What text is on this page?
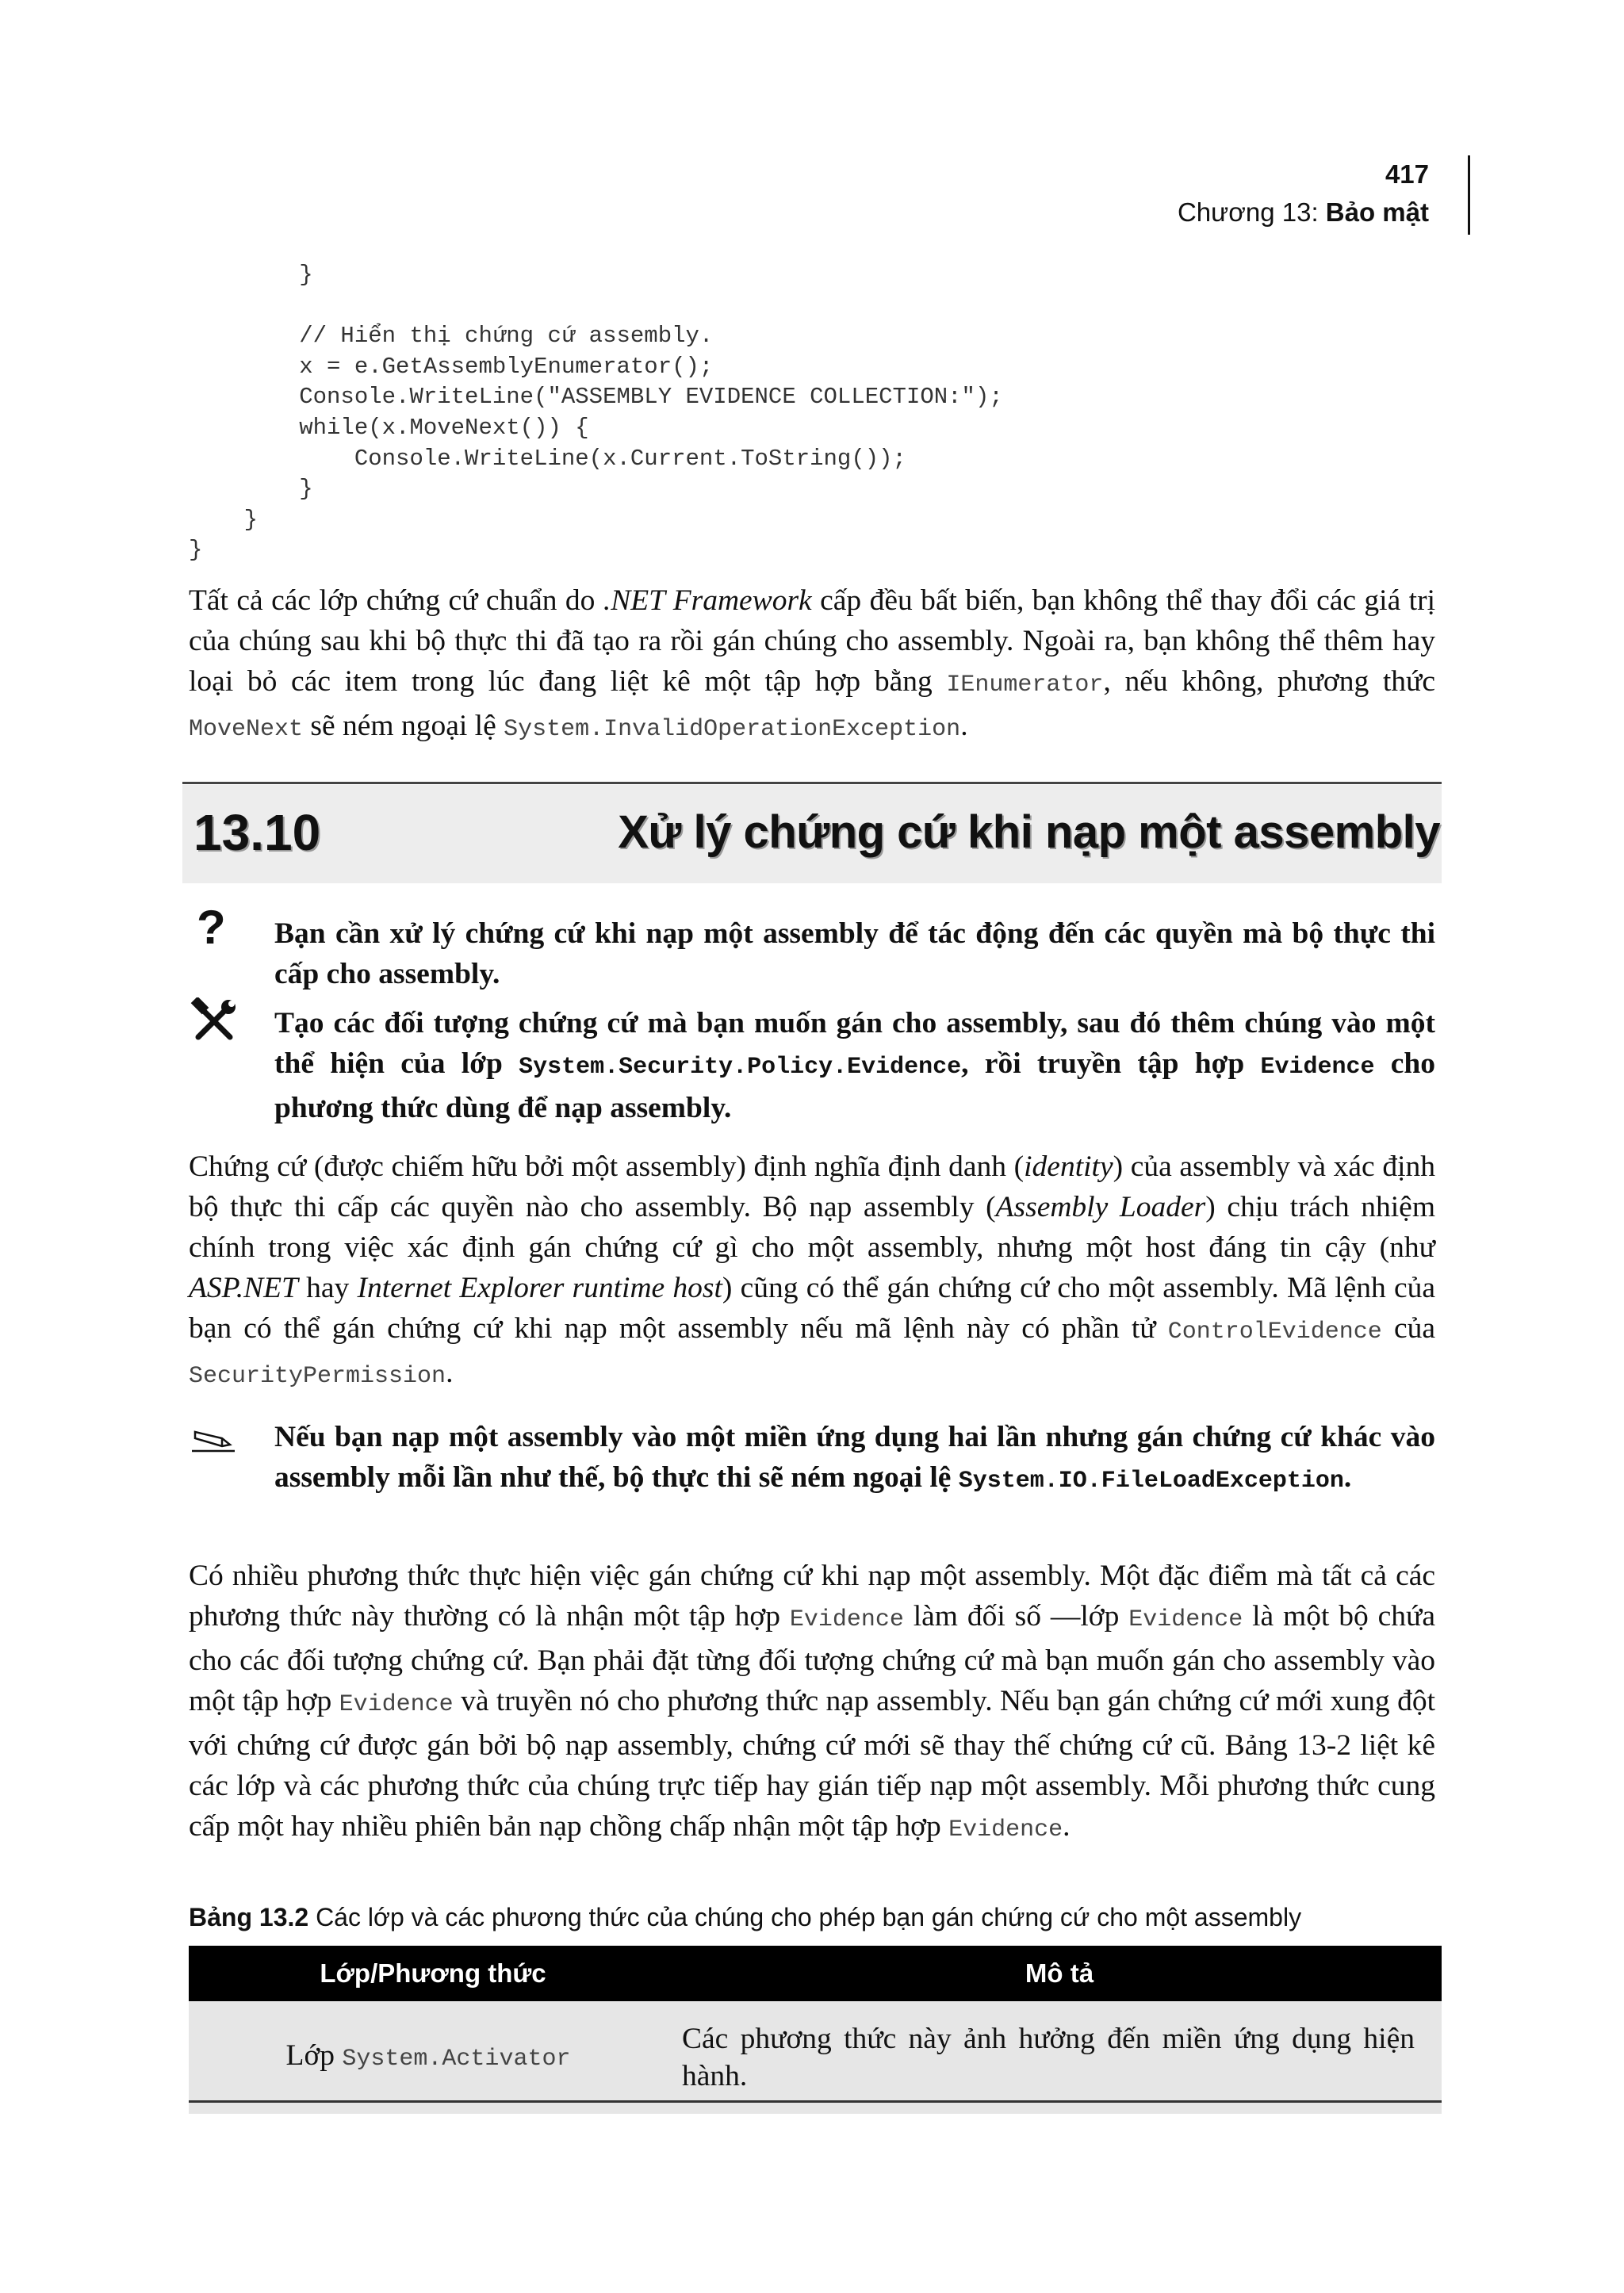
417
Chương 13: Bảo mật
}

// Hiển thị chứng cứ assembly.
x = e.GetAssemblyEnumerator();
Console.WriteLine("ASSEMBLY EVIDENCE COLLECTION:");
while(x.MoveNext()) {
Console.WriteLine(x.Current.ToString());
}
}
}

Tất cả các lớp chứng cứ chuẩn do .NET Framework cấp đều bất biến, bạn không thể thay đổi các giá trị của chúng sau khi bộ thực thi đã tạo ra rồi gán chúng cho assembly. Ngoài ra, bạn không thể thêm hay loại bỏ các item trong lúc đang liệt kê một tập hợp bằng IEnumerator, nếu không, phương thức MoveNext sẽ ném ngoại lệ System.InvalidOperationException.

13.10	Xử lý chứng cứ khi nạp một assembly
? Bạn cần xử lý chứng cứ khi nạp một assembly để tác động đến các quyền mà bộ thực thi cấp cho assembly.

Tạo các đối tượng chứng cứ mà bạn muốn gán cho assembly, sau đó thêm chúng vào một thể hiện của lớp System.Security.Policy.Evidence, rồi truyền tập hợp Evidence cho phương thức dùng để nạp assembly.

Chứng cứ (được chiếm hữu bởi một assembly) định nghĩa định danh (identity) của assembly và xác định bộ thực thi cấp các quyền nào cho assembly. Bộ nạp assembly (Assembly Loader) chịu trách nhiệm chính trong việc xác định gán chứng cứ gì cho một assembly, nhưng một host đáng tin cậy (như ASP.NET hay Internet Explorer runtime host) cũng có thể gán chứng cứ cho một assembly. Mã lệnh của bạn có thể gán chứng cứ khi nạp một assembly nếu mã lệnh này có phần tử ControlEvidence của SecurityPermission.

Nếu bạn nạp một assembly vào một miền ứng dụng hai lần nhưng gán chứng cứ khác vào assembly mỗi lần như thế, bộ thực thi sẽ ném ngoại lệ System.IO.FileLoadException.

Có nhiều phương thức thực hiện việc gán chứng cứ khi nạp một assembly. Một đặc điểm mà tất cả các phương thức này thường có là nhận một tập hợp Evidence làm đối số —lớp Evidence là một bộ chứa cho các đối tượng chứng cứ. Bạn phải đặt từng đối tượng chứng cứ mà bạn muốn gán cho assembly vào một tập hợp Evidence và truyền nó cho phương thức nạp assembly. Nếu bạn gán chứng cứ mới xung đột với chứng cứ được gán bởi bộ nạp assembly, chứng cứ mới sẽ thay thế chứng cứ cũ. Bảng 13-2 liệt kê các lớp và các phương thức của chúng trực tiếp hay gián tiếp nạp một assembly. Mỗi phương thức cung cấp một hay nhiều phiên bản nạp chồng chấp nhận một tập hợp Evidence.

Bảng 13.2 Các lớp và các phương thức của chúng cho phép bạn gán chứng cứ cho một assembly

Lớp/Phương thức	Mô tả
Lớp System.Activator	Các phương thức này ảnh hưởng đến miền ứng dụng hiện hành.
